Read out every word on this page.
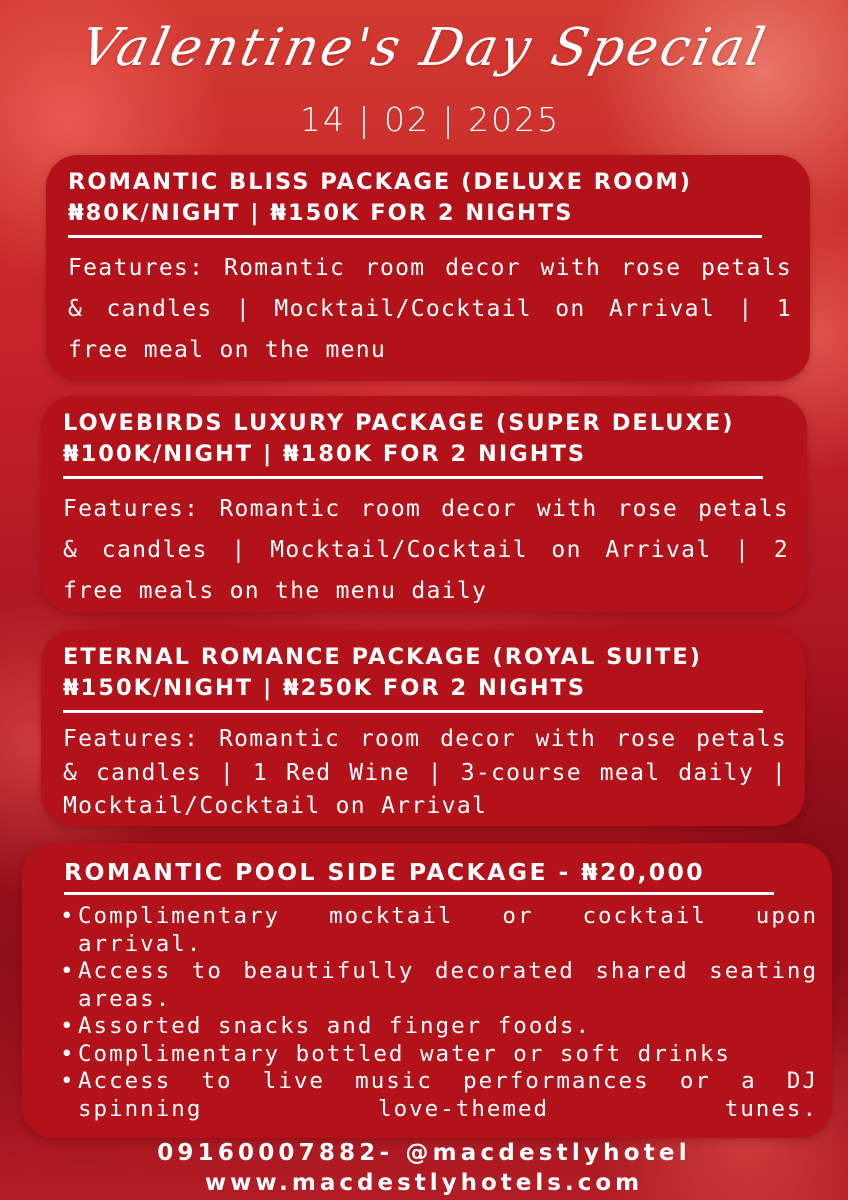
Valentine's Day Special
14 | 02 | 2025
ROMANTIC BLISS PACKAGE (DELUXE ROOM)
₦80K/NIGHT | ₦150K FOR 2 NIGHTS

Features: Romantic room decor with rose petals & candles | Mocktail/Cocktail on Arrival | 1 free meal on the menu

LOVEBIRDS LUXURY PACKAGE (SUPER DELUXE)
₦100K/NIGHT | ₦180K FOR 2 NIGHTS

Features: Romantic room decor with rose petals & candles | Mocktail/Cocktail on Arrival | 2 free meals on the menu daily

ETERNAL ROMANCE PACKAGE (ROYAL SUITE)
₦150K/NIGHT | ₦250K FOR 2 NIGHTS

Features: Romantic room decor with rose petals & candles | 1 Red Wine | 3-course meal daily | Mocktail/Cocktail on Arrival

ROMANTIC POOL SIDE PACKAGE - ₦20,000
• Complimentary mocktail or cocktail upon arrival.
• Access to beautifully decorated shared seating areas.
• Assorted snacks and finger foods.
• Complimentary bottled water or soft drinks
• Access to live music performances or a DJ spinning love-themed tunes.
09160007882- @macdestlyhotel
www.macdestlyhotels.com
